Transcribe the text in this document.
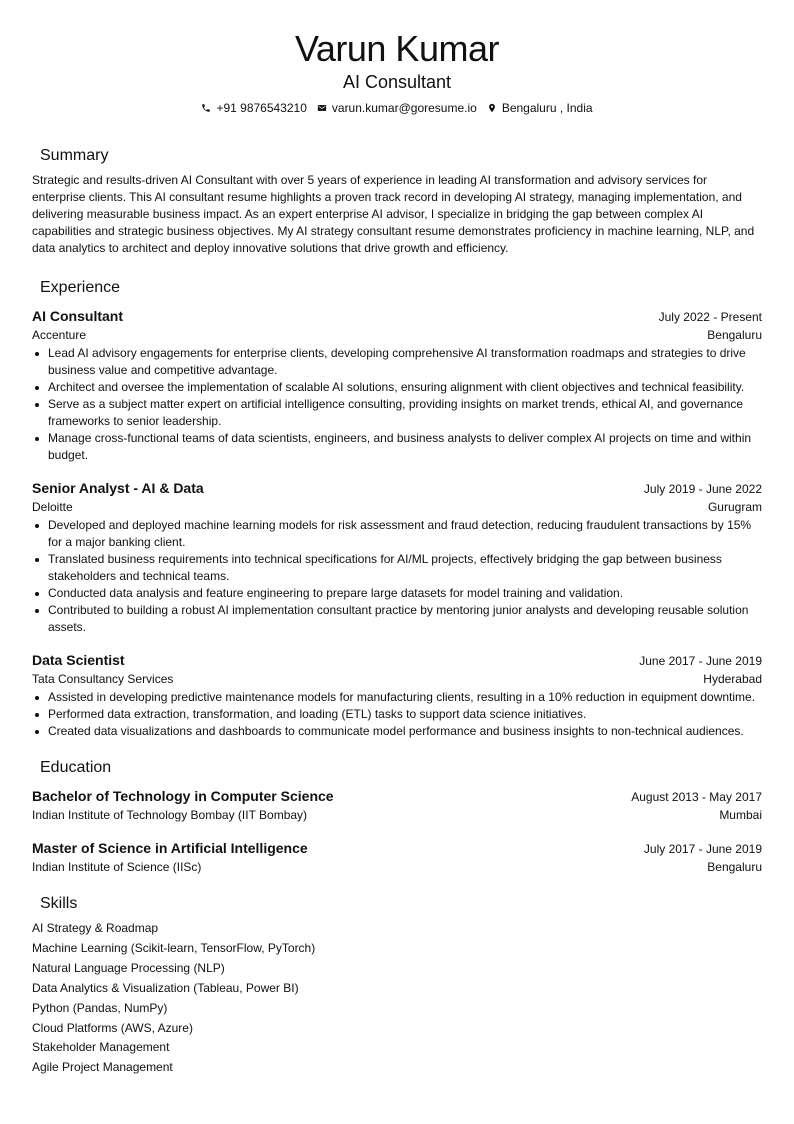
Varun Kumar
AI Consultant
+91 9876543210 varun.kumar@goresume.io Bengaluru , India
Summary
Strategic and results-driven AI Consultant with over 5 years of experience in leading AI transformation and advisory services for enterprise clients. This AI consultant resume highlights a proven track record in developing AI strategy, managing implementation, and delivering measurable business impact. As an expert enterprise AI advisor, I specialize in bridging the gap between complex AI capabilities and strategic business objectives. My AI strategy consultant resume demonstrates proficiency in machine learning, NLP, and data analytics to architect and deploy innovative solutions that drive growth and efficiency.
Experience
AI Consultant	July 2022 - Present
Accenture	Bengaluru
Lead AI advisory engagements for enterprise clients, developing comprehensive AI transformation roadmaps and strategies to drive business value and competitive advantage.
Architect and oversee the implementation of scalable AI solutions, ensuring alignment with client objectives and technical feasibility.
Serve as a subject matter expert on artificial intelligence consulting, providing insights on market trends, ethical AI, and governance frameworks to senior leadership.
Manage cross-functional teams of data scientists, engineers, and business analysts to deliver complex AI projects on time and within budget.
Senior Analyst - AI & Data	July 2019 - June 2022
Deloitte	Gurugram
Developed and deployed machine learning models for risk assessment and fraud detection, reducing fraudulent transactions by 15% for a major banking client.
Translated business requirements into technical specifications for AI/ML projects, effectively bridging the gap between business stakeholders and technical teams.
Conducted data analysis and feature engineering to prepare large datasets for model training and validation.
Contributed to building a robust AI implementation consultant practice by mentoring junior analysts and developing reusable solution assets.
Data Scientist	June 2017 - June 2019
Tata Consultancy Services	Hyderabad
Assisted in developing predictive maintenance models for manufacturing clients, resulting in a 10% reduction in equipment downtime.
Performed data extraction, transformation, and loading (ETL) tasks to support data science initiatives.
Created data visualizations and dashboards to communicate model performance and business insights to non-technical audiences.
Education
Bachelor of Technology in Computer Science	August 2013 - May 2017
Indian Institute of Technology Bombay (IIT Bombay)	Mumbai
Master of Science in Artificial Intelligence	July 2017 - June 2019
Indian Institute of Science (IISc)	Bengaluru
Skills
AI Strategy & Roadmap
Machine Learning (Scikit-learn, TensorFlow, PyTorch)
Natural Language Processing (NLP)
Data Analytics & Visualization (Tableau, Power BI)
Python (Pandas, NumPy)
Cloud Platforms (AWS, Azure)
Stakeholder Management
Agile Project Management
